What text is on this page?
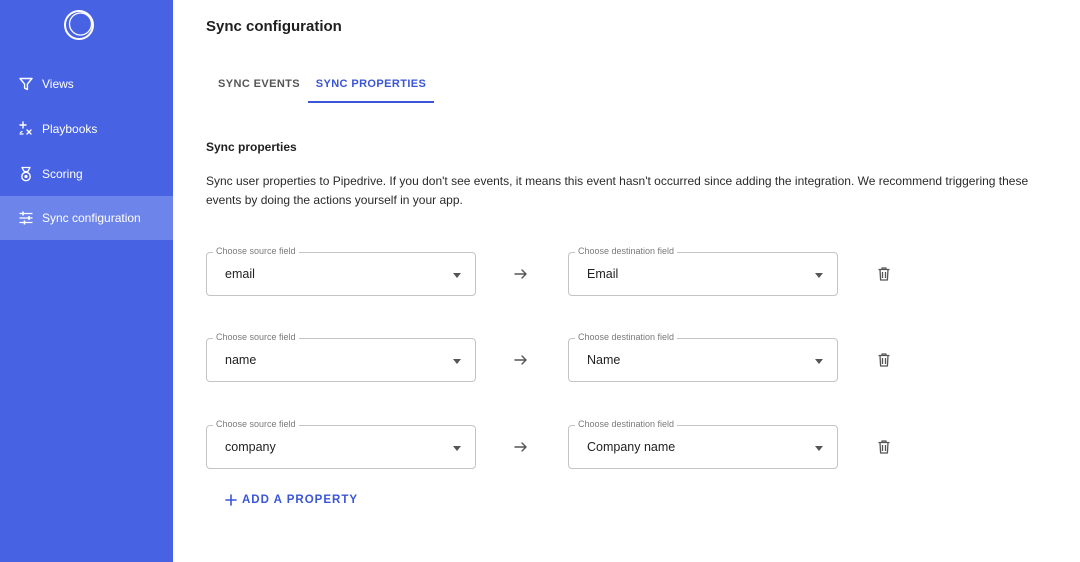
Views
Playbooks
Scoring
Sync configuration
Sync configuration
SYNC EVENTS	SYNC PROPERTIES
Sync properties
Sync user properties to Pipedrive. If you don't see events, it means this event hasn't occurred since adding the integration. We recommend triggering these events by doing the actions yourself in your app.
Choose source field
email
Choose destination field
Email
Choose source field
name
Choose destination field
Name
Choose source field
company
Choose destination field
Company name
ADD A PROPERTY
